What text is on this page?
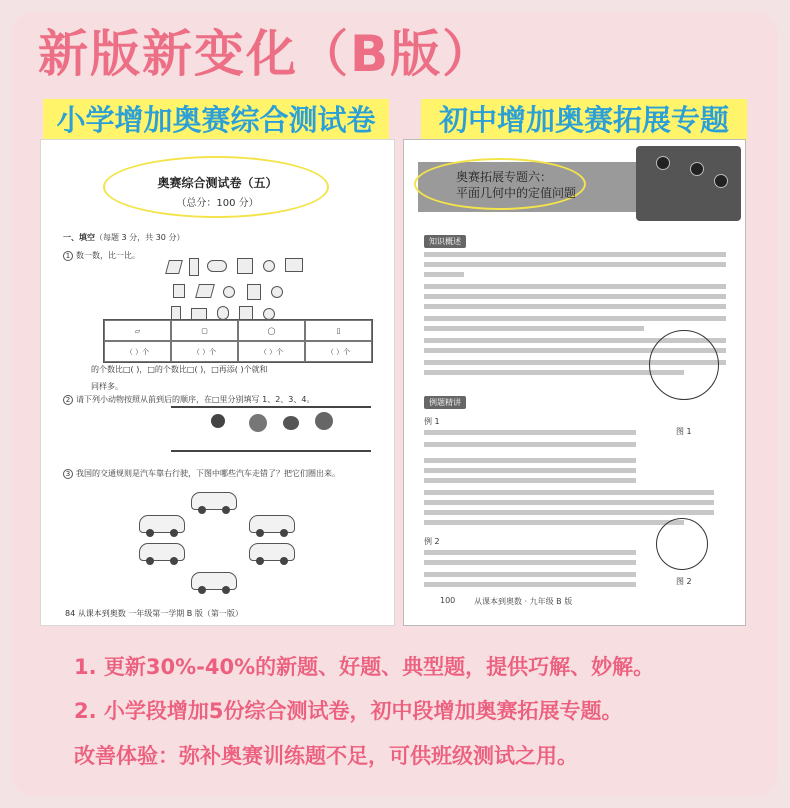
新版新变化（B版）
小学增加奥赛综合测试卷	初中增加奥赛拓展专题
奥赛综合测试卷（五）
（总分：100 分）
一、填空（每题 3 分，共 30 分）
1 数一数，比一比。
▱	▢	◯	▯
（ ）个	（ ）个	（ ）个	（ ）个
的个数比□( )，□的个数比□( )，□再添( )个就和
同样多。
2 请下列小动物按照从前到后的顺序，在□里分别填写 1、2、3、4。
3 我国的交通规则是汽车靠右行驶，下图中哪些汽车走错了？把它们圈出来。
84 从课本到奥数 一年级第一学期 B 版（第一版）
奥赛拓展专题六：
平面几何中的定值问题
知识概述
例题精讲
例 1
图 1
例 2
图 2
100 从课本到奥数 · 九年级 B 版
1. 更新30%-40%的新题、好题、典型题，提供巧解、妙解。
2. 小学段增加5份综合测试卷，初中段增加奥赛拓展专题。
改善体验：弥补奥赛训练题不足，可供班级测试之用。
